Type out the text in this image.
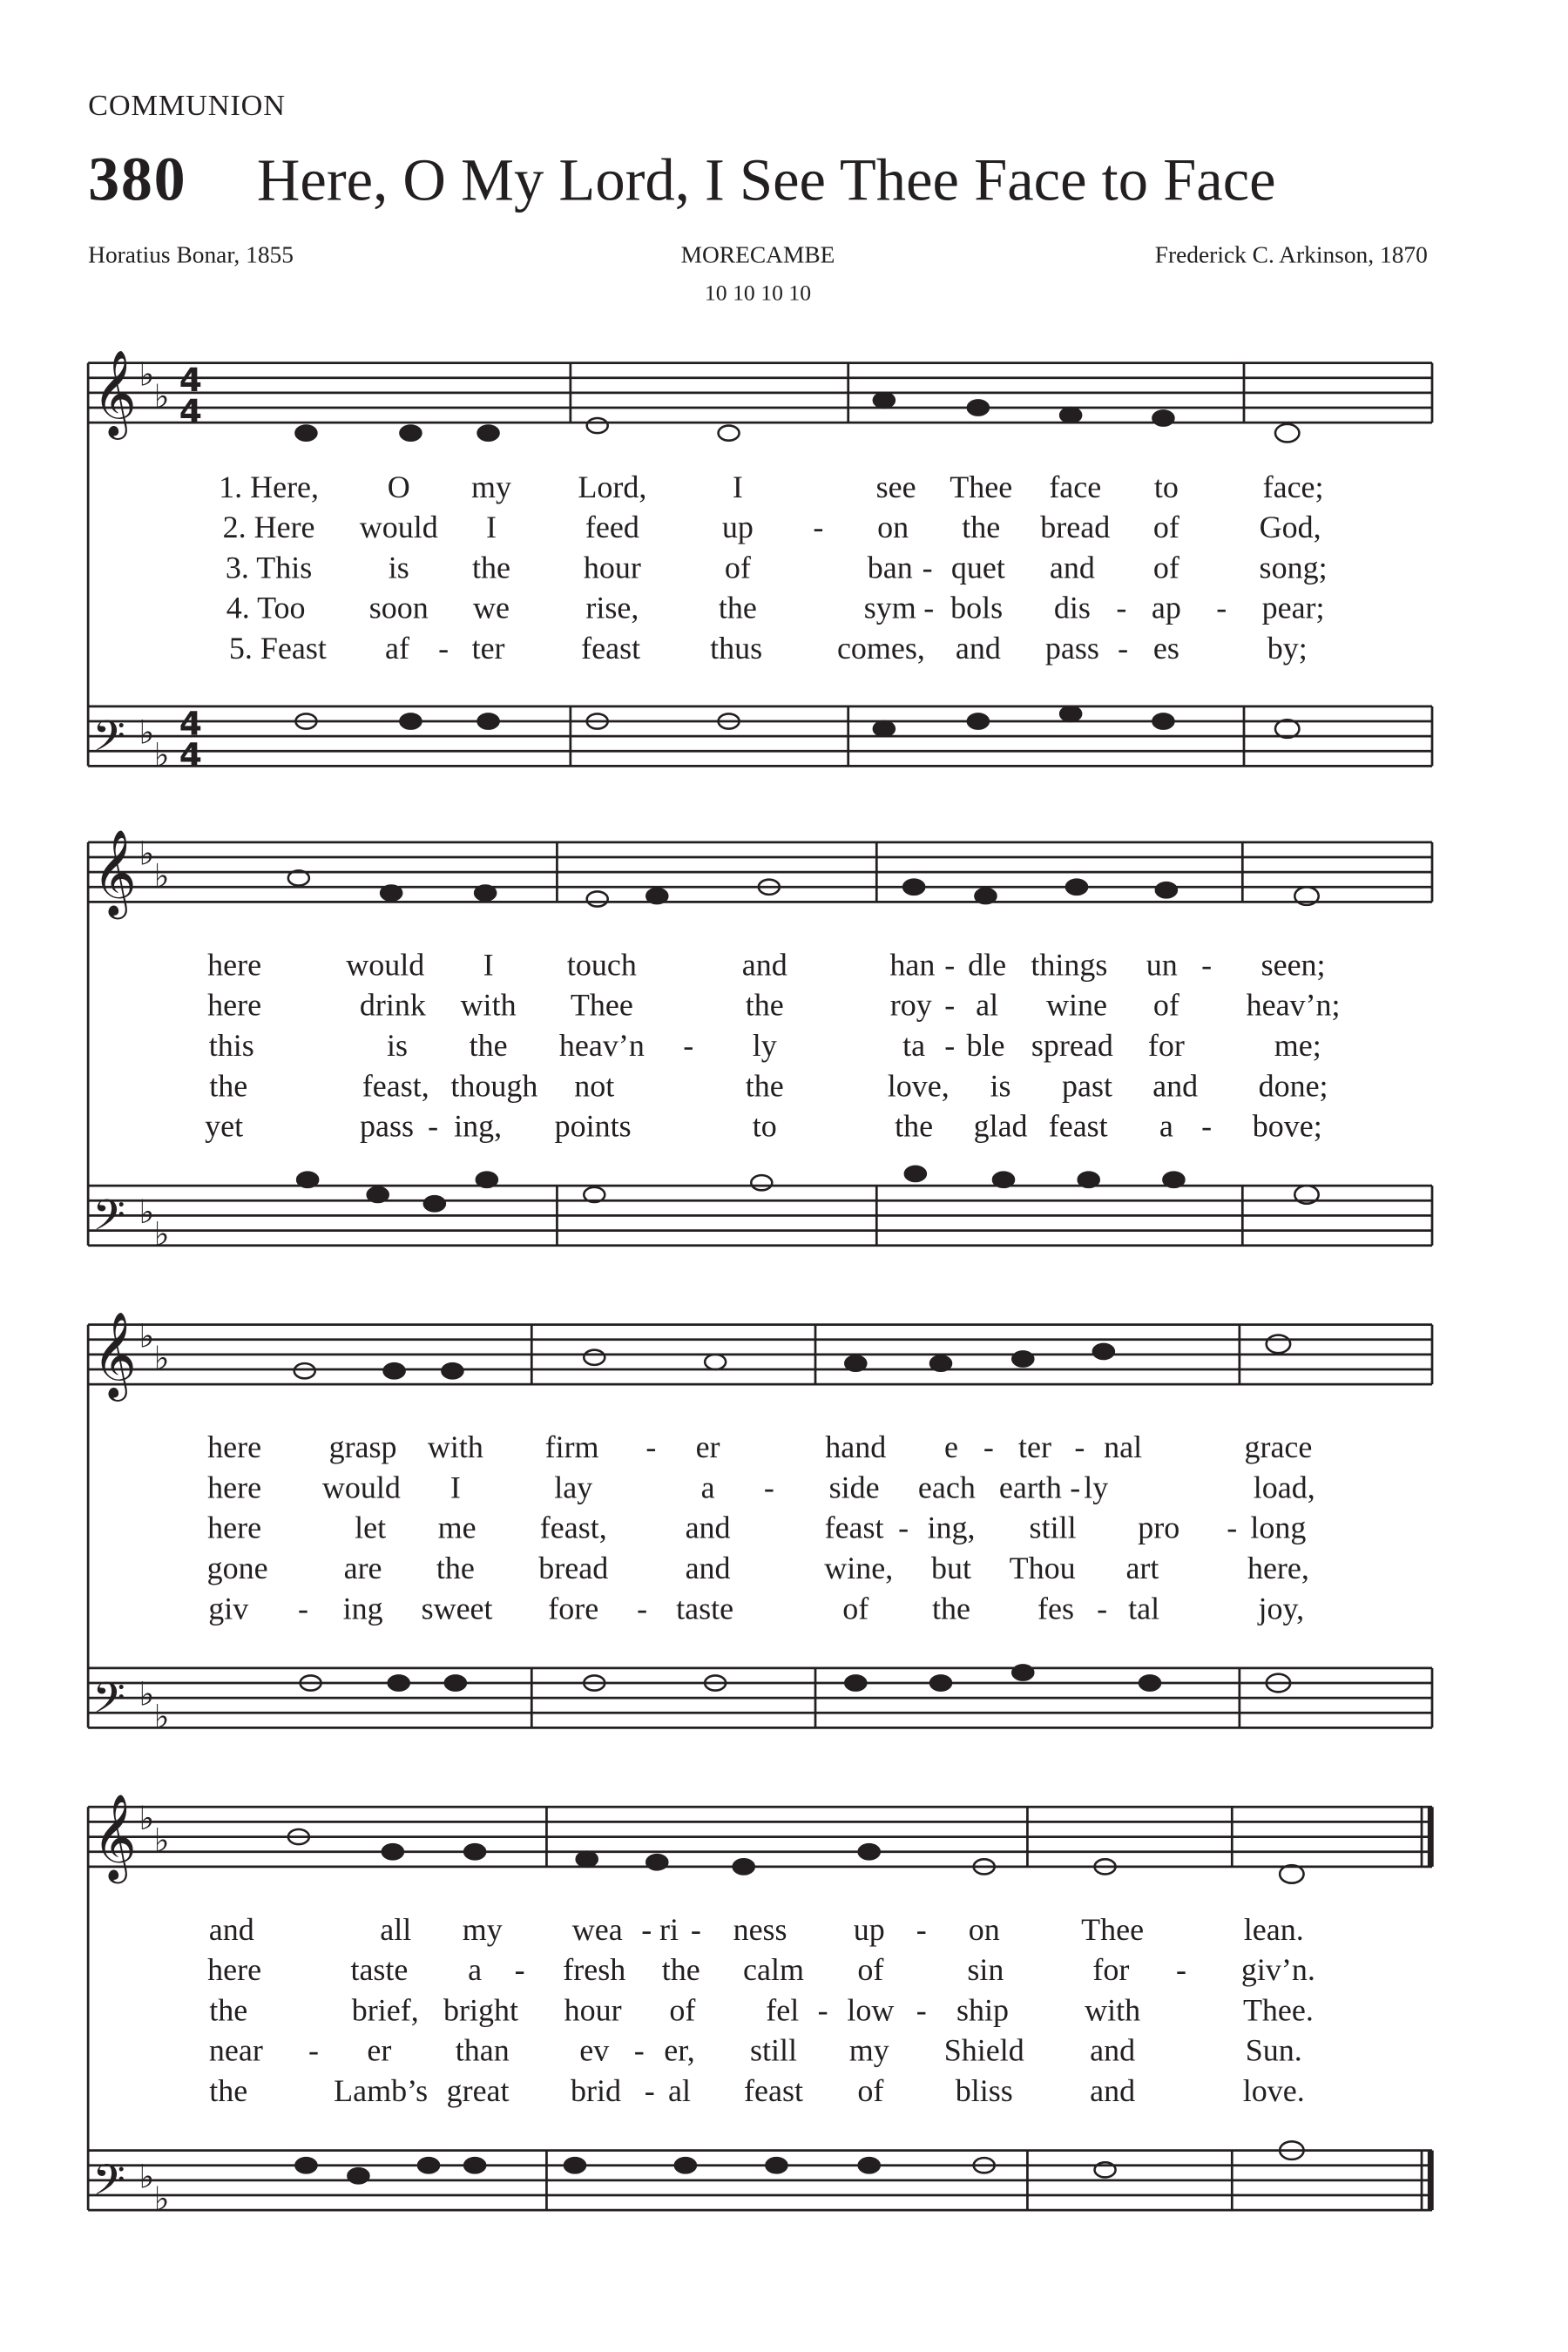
COMMUNION
380 Here, O My Lord, I See Thee Face to Face
Horatius Bonar, 1855	MORECAMBE	Frederick C. Arkinson, 1870
10 10 10 10
𝄞
𝄢
𝄞
𝄢
𝄞
𝄢
𝄞
𝄢
♭
♭
♭
♭
♭
♭
♭
♭
♭
♭
♭
♭
♭
♭
♭
♭
4
4
4
4
1. Here,	O	my	Lord,	I	see Thee face	to	face;
2. Here would	I	feed	up	-	on	the bread of	God,
3. This	is	the	hour	of	ban - quet and	of	song;
4. Too	soon we	rise,	the	sym - bols	dis - ap - pear;
5. Feast	af - ter	feast	thus	comes, and pass - es	by;
here	would	I	touch	and	han - dle things un -	seen;
here	drink with	Thee	the	roy - al	wine	of	heav’n;
this	is	the	heav’n -	ly	ta - ble spread for	me;
the	feast, though not	the	love, is	past and	done;
yet	pass - ing,	points	to	the glad feast	a - bove;
here	grasp with	firm	- er	hand	e - ter - nal	grace
here	would	I	lay	a	-	side each earth - ly	load,
here	let	me	feast,	and	feast - ing,	still	pro	- long
gone	are	the	bread	and	wine, but Thou	art	here,
giv	- ing sweet	fore - taste	of	the	fes - tal	joy,
and	all	my	wea - ri - ness	up - on	Thee	lean.
here	taste	a - fresh the calm	of	sin	for	-	giv’n.
the	brief, bright	hour	of	fel - low - ship	with	Thee.
near -	er	than	ev - er,	still	my	Shield	and	Sun.
the	Lamb’s great	brid - al	feast	of	bliss	and	love.
